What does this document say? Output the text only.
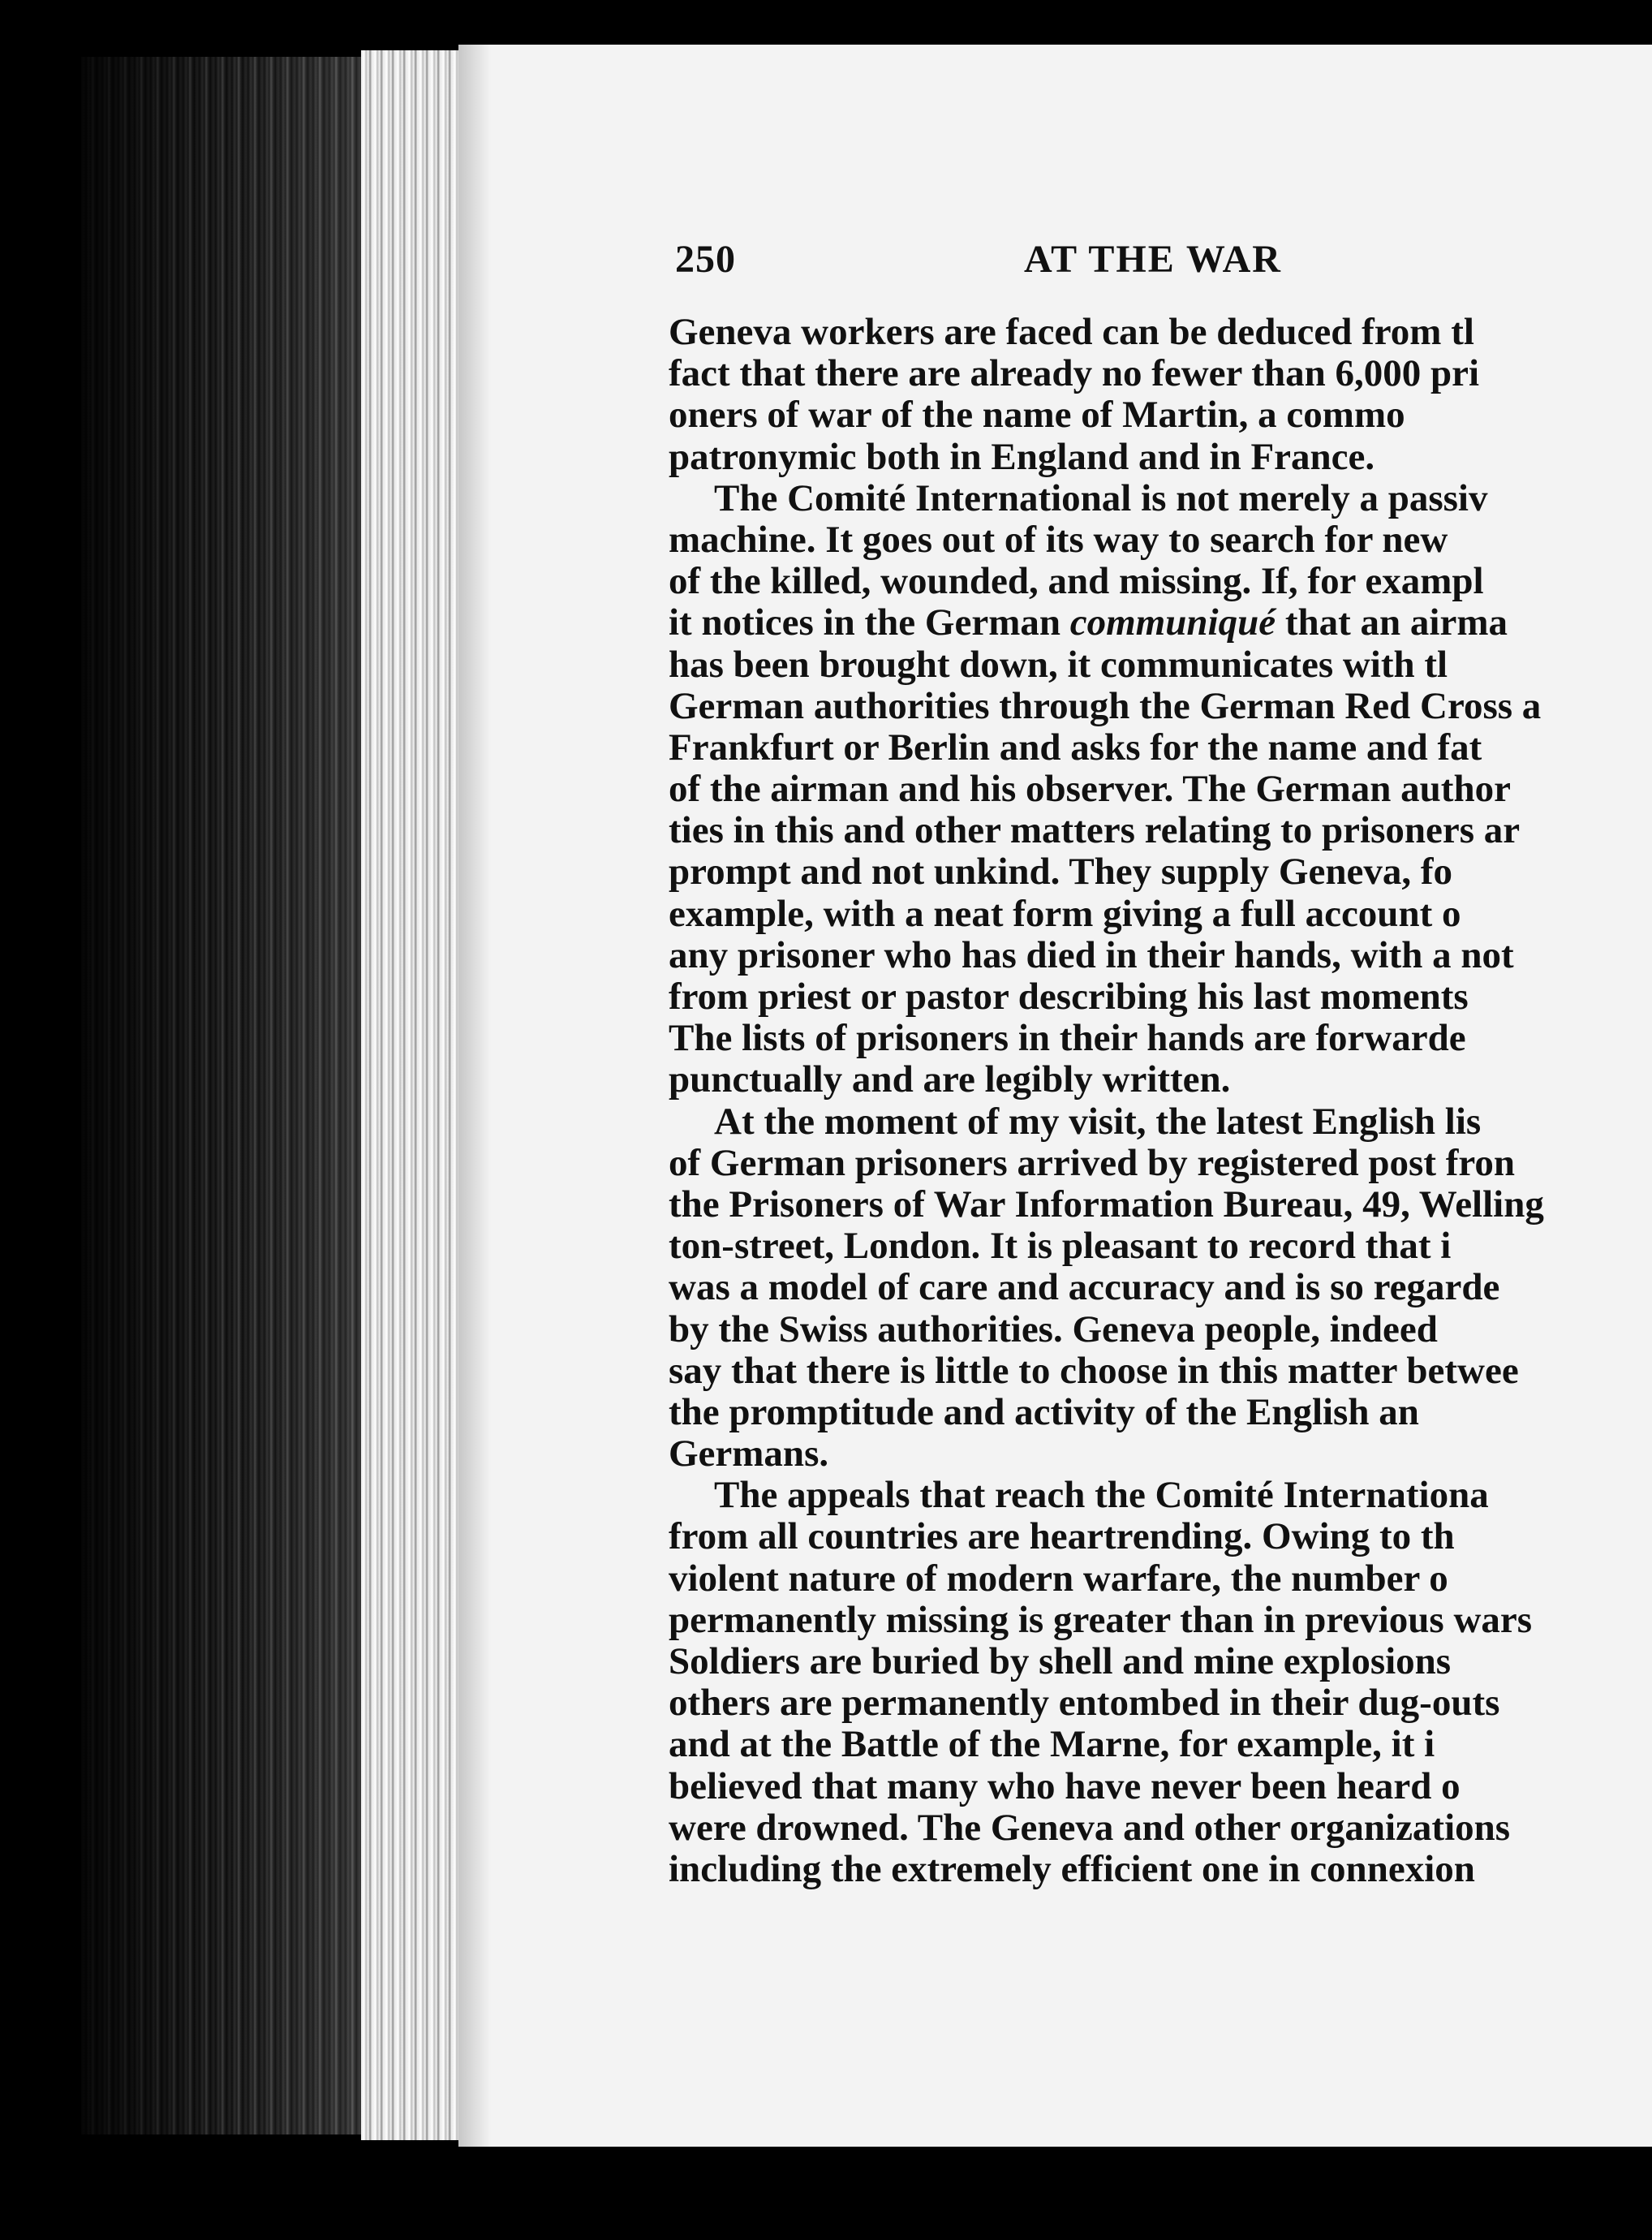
250	AT THE WAR
Geneva workers are faced can be deduced from tl
fact that there are already no fewer than 6,000 pri
oners of war of the name of Martin, a commo
patronymic both in England and in France.
The Comité International is not merely a passiv
machine. It goes out of its way to search for new
of the killed, wounded, and missing. If, for exampl
it notices in the German communiqué that an airma
has been brought down, it communicates with tl
German authorities through the German Red Cross a
Frankfurt or Berlin and asks for the name and fat
of the airman and his observer. The German author
ties in this and other matters relating to prisoners ar
prompt and not unkind. They supply Geneva, fo
example, with a neat form giving a full account o
any prisoner who has died in their hands, with a not
from priest or pastor describing his last moments
The lists of prisoners in their hands are forwarde
punctually and are legibly written.
At the moment of my visit, the latest English lis
of German prisoners arrived by registered post fron
the Prisoners of War Information Bureau, 49, Welling
ton-street, London. It is pleasant to record that i
was a model of care and accuracy and is so regarde
by the Swiss authorities. Geneva people, indeed
say that there is little to choose in this matter betwee
the promptitude and activity of the English an
Germans.
The appeals that reach the Comité Internationa
from all countries are heartrending. Owing to th
violent nature of modern warfare, the number o
permanently missing is greater than in previous wars
Soldiers are buried by shell and mine explosions
others are permanently entombed in their dug-outs
and at the Battle of the Marne, for example, it i
believed that many who have never been heard o
were drowned. The Geneva and other organizations
including the extremely efficient one in connexion
